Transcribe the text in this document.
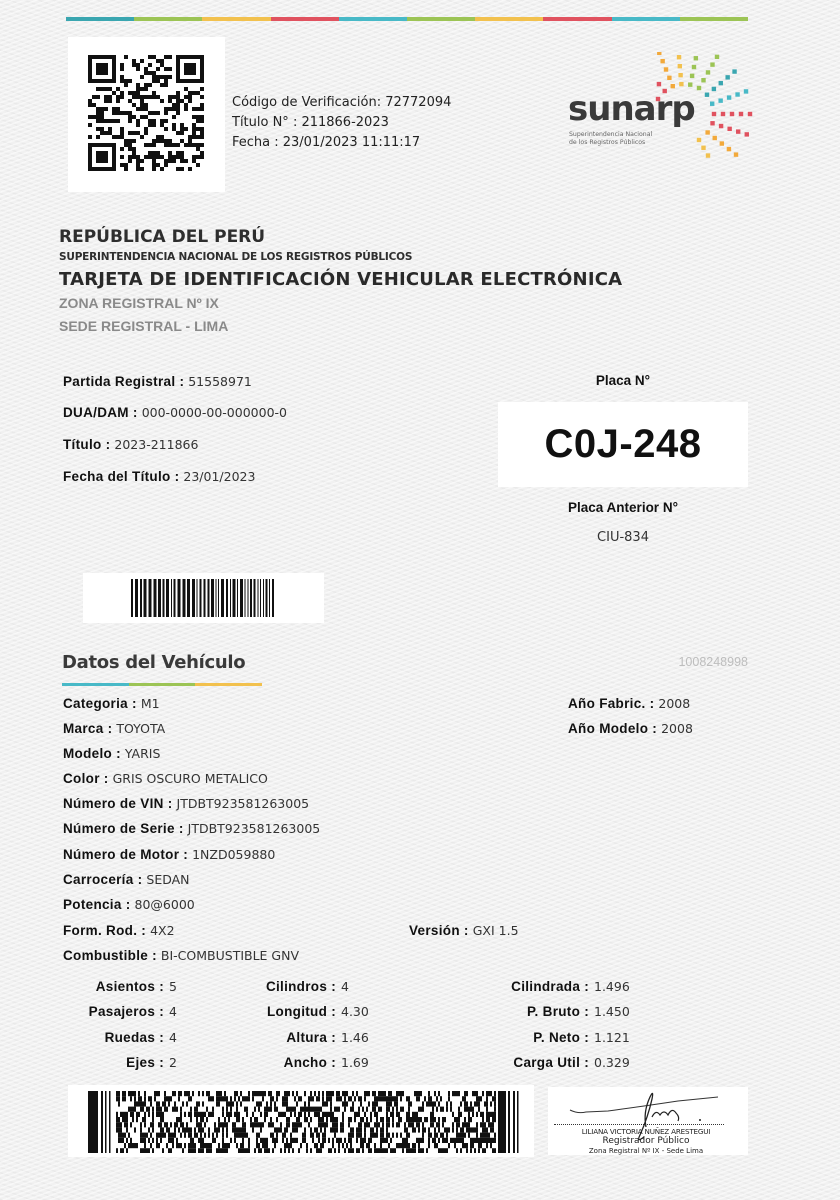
Código de Verificación: 72772094
Título N° : 211866-2023
Fecha : 23/01/2023 11:11:17
sunarp
Superintendencia Nacional
de los Registros Públicos
REPÚBLICA DEL PERÚ
SUPERINTENDENCIA NACIONAL DE LOS REGISTROS PÚBLICOS
TARJETA DE IDENTIFICACIÓN VEHICULAR ELECTRÓNICA
ZONA REGISTRAL Nº IX
SEDE REGISTRAL - LIMA
Partida Registral : 51558971
DUA/DAM : 000-0000-00-000000-0
Título : 2023-211866
Fecha del Título : 23/01/2023
Placa N°
C0J-248
Placa Anterior N°
CIU-834
Datos del Vehículo	1008248998
Categoria : M1
Marca : TOYOTA
Modelo : YARIS
Color : GRIS OSCURO METALICO
Número de VIN : JTDBT923581263005
Número de Serie : JTDBT923581263005
Número de Motor : 1NZD059880
Carrocería : SEDAN
Potencia : 80@6000
Form. Rod. : 4X2	Versión : GXI 1.5
Combustible : BI-COMBUSTIBLE GNV
Año Fabric. : 2008
Año Modelo : 2008
Asientos : 5
Pasajeros : 4
Ruedas : 4
Ejes : 2
Cilindros : 4
Longitud : 4.30
Altura : 1.46
Ancho : 1.69
Cilindrada : 1.496
P. Bruto : 1.450
P. Neto : 1.121
Carga Util : 0.329
LILIANA VICTORIA NUÑEZ ARESTEGUI
Registrador Público
Zona Registral Nº IX - Sede Lima
